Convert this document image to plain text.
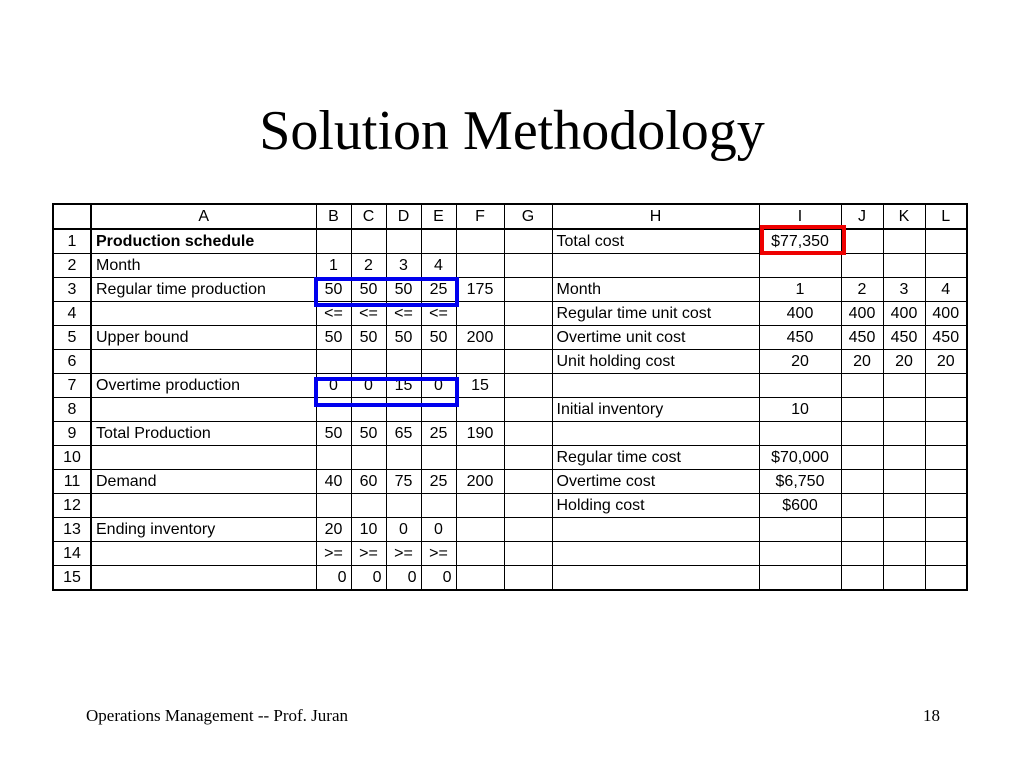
Solution Methodology
	A	B	C	D	E	F	G	H	I	J	K	L
1	Production schedule							Total cost	$77,350			
2	Month	1	2	3	4							
3	Regular time production	50	50	50	25	175		Month	1	2	3	4
4		<=	<=	<=	<=			Regular time unit cost	400	400	400	400
5	Upper bound	50	50	50	50	200		Overtime unit cost	450	450	450	450
6								Unit holding cost	20	20	20	20
7	Overtime production	0	0	15	0	15						
8								Initial inventory	10			
9	Total Production	50	50	65	25	190						
10								Regular time cost	$70,000			
11	Demand	40	60	75	25	200		Overtime cost	$6,750			
12								Holding cost	$600			
13	Ending inventory	20	10	0	0							
14		>=	>=	>=	>=							
15		0	0	0	0							
Operations Management -- Prof. Juran	18
